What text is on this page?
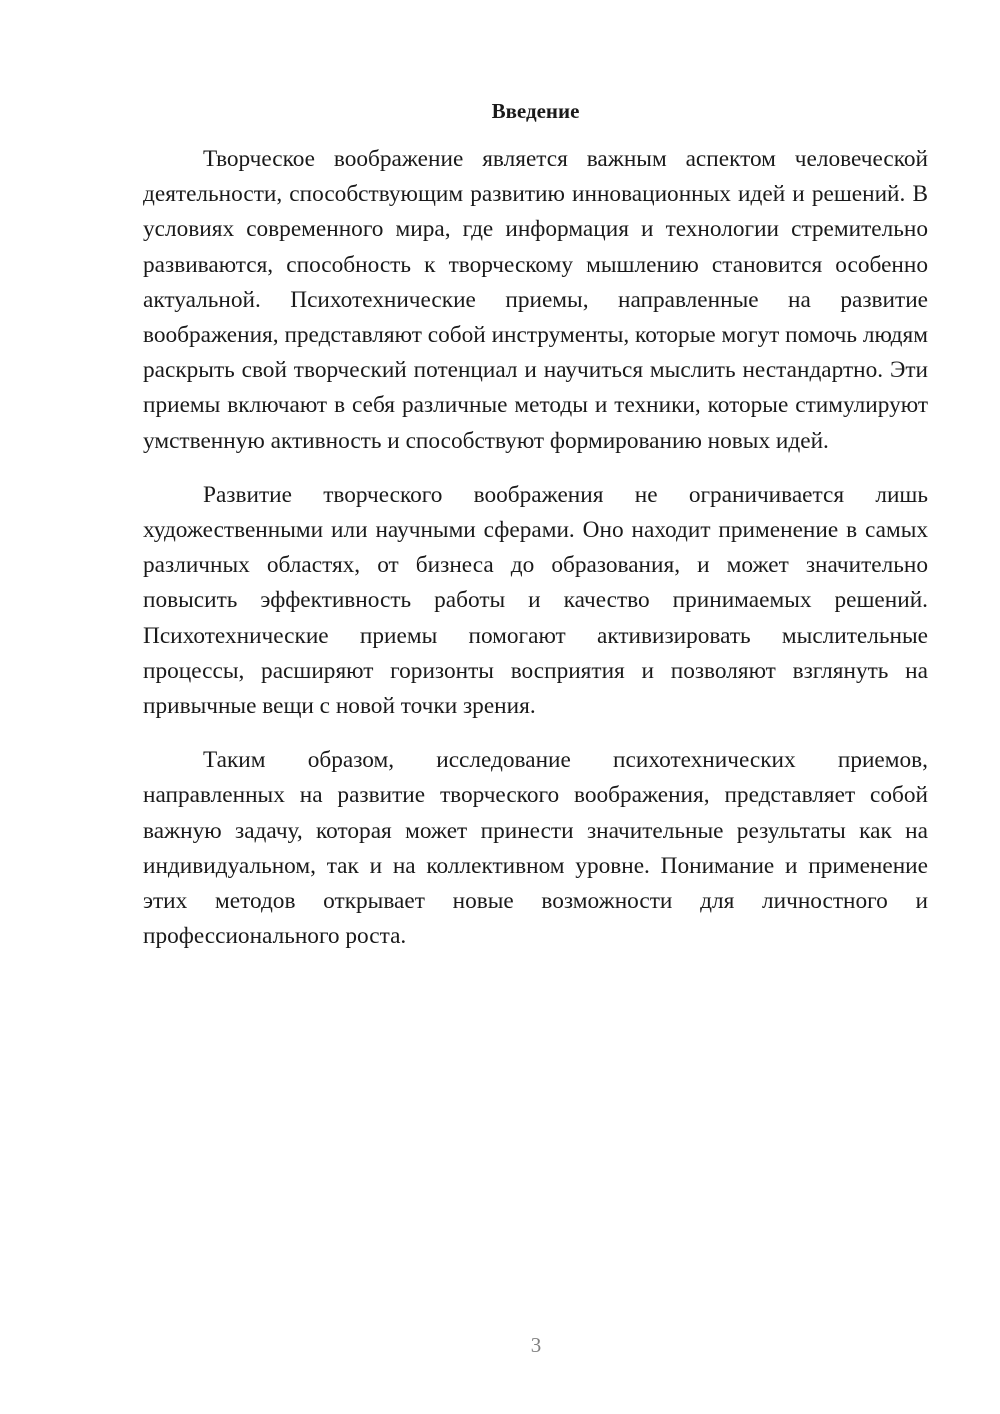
Введение

Творческое воображение является важным аспектом человеческой деятельности, способствующим развитию инновационных идей и решений. В условиях современного мира, где информация и технологии стремительно развиваются, способность к творческому мышлению становится особенно актуальной. Психотехнические приемы, направленные на развитие воображения, представляют собой инструменты, которые могут помочь людям раскрыть свой творческий потенциал и научиться мыслить нестандартно. Эти приемы включают в себя различные методы и техники, которые стимулируют умственную активность и способствуют формированию новых идей.

Развитие творческого воображения не ограничивается лишь художественными или научными сферами. Оно находит применение в самых различных областях, от бизнеса до образования, и может значительно повысить эффективность работы и качество принимаемых решений. Психотехнические приемы помогают активизировать мыслительные процессы, расширяют горизонты восприятия и позволяют взглянуть на привычные вещи с новой точки зрения.

Таким образом, исследование психотехнических приемов, направленных на развитие творческого воображения, представляет собой важную задачу, которая может принести значительные результаты как на индивидуальном, так и на коллективном уровне. Понимание и применение этих методов открывает новые возможности для личностного и профессионального роста.

3
